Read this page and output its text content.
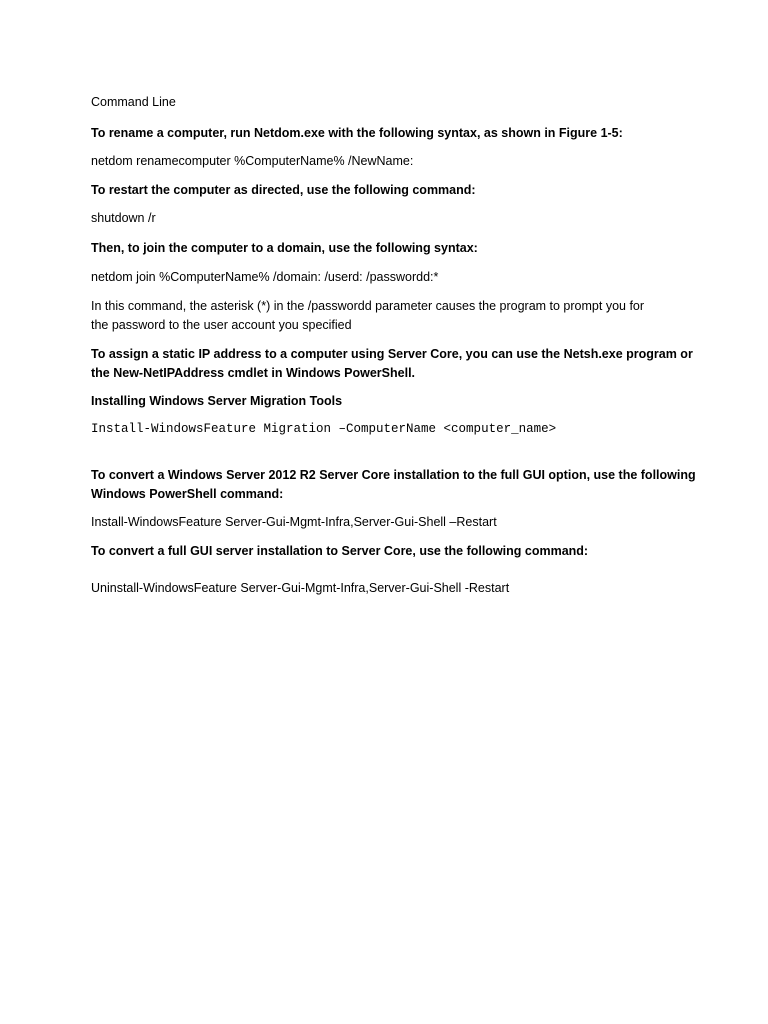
Command Line
To rename a computer, run Netdom.exe with the following syntax, as shown in Figure 1-5:
netdom renamecomputer %ComputerName% /NewName:
To restart the computer as directed, use the following command:
shutdown /r
Then, to join the computer to a domain, use the following syntax:
netdom join %ComputerName% /domain: /userd: /passwordd:*
In this command, the asterisk (*) in the /passwordd parameter causes the program to prompt you for
the password to the user account you specified
To assign a static IP address to a computer using Server Core, you can use the Netsh.exe program or
the New-NetIPAddress cmdlet in Windows PowerShell.
Installing Windows Server Migration Tools
Install-WindowsFeature Migration –ComputerName <computer_name>
To convert a Windows Server 2012 R2 Server Core installation to the full GUI option, use the following
Windows PowerShell command:
Install-WindowsFeature Server-Gui-Mgmt-Infra,Server-Gui-Shell –Restart
To convert a full GUI server installation to Server Core, use the following command:
Uninstall-WindowsFeature Server-Gui-Mgmt-Infra,Server-Gui-Shell -Restart
